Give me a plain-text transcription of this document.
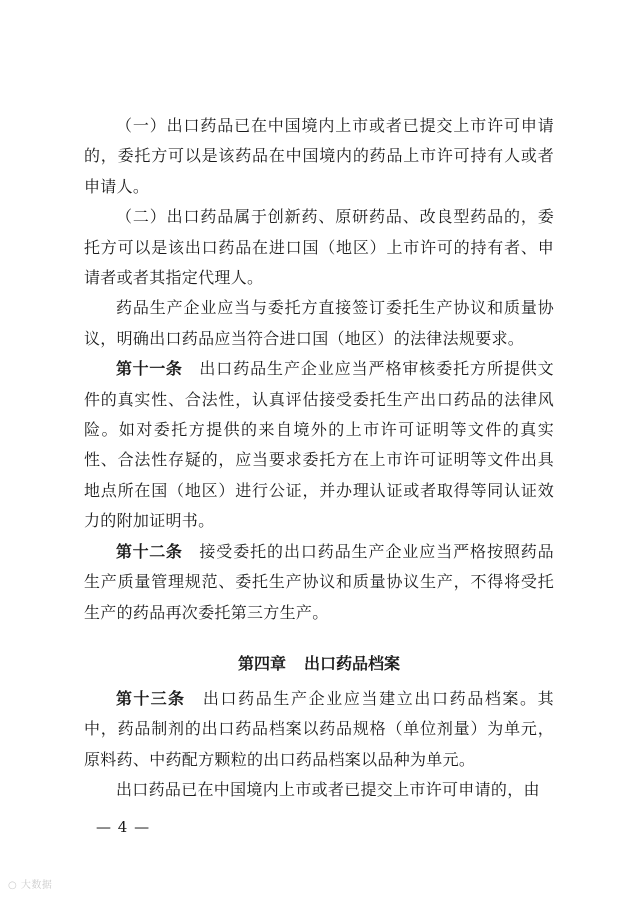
（一）出口药品已在中国境内上市或者已提交上市许可申请的，委托方可以是该药品在中国境内的药品上市许可持有人或者申请人。

（二）出口药品属于创新药、原研药品、改良型药品的，委托方可以是该出口药品在进口国（地区）上市许可的持有者、申请者或者其指定代理人。

药品生产企业应当与委托方直接签订委托生产协议和质量协议，明确出口药品应当符合进口国（地区）的法律法规要求。

第十一条  出口药品生产企业应当严格审核委托方所提供文件的真实性、合法性，认真评估接受委托生产出口药品的法律风险。如对委托方提供的来自境外的上市许可证明等文件的真实性、合法性存疑的，应当要求委托方在上市许可证明等文件出具地点所在国（地区）进行公证，并办理认证或者取得等同认证效力的附加证明书。

第十二条  接受委托的出口药品生产企业应当严格按照药品生产质量管理规范、委托生产协议和质量协议生产，不得将受托生产的药品再次委托第三方生产。

第四章 出口药品档案

第十三条  出口药品生产企业应当建立出口药品档案。其中，药品制剂的出口药品档案以药品规格（单位剂量）为单元，原料药、中药配方颗粒的出口药品档案以品种为单元。

出口药品已在中国境内上市或者已提交上市许可申请的，由

— 4 —
○ 大数据
